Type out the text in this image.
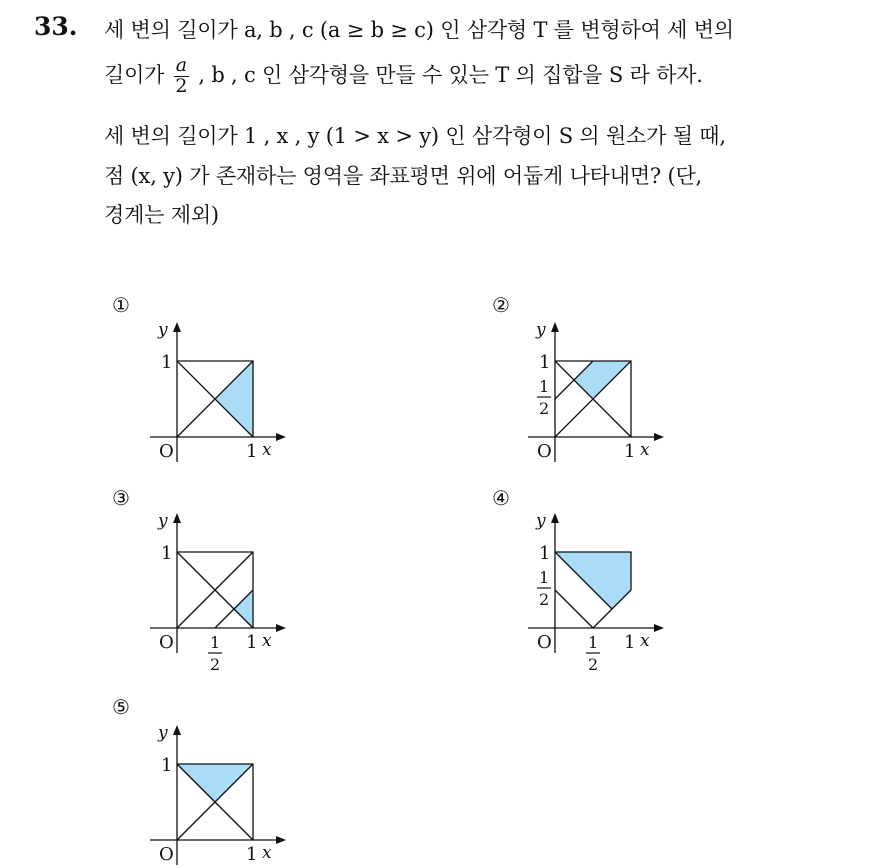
33. 세 변의 길이가 a, b , c (a ≥ b ≥ c) 인 삼각형 T 를 변형하여 세 변의
길이가 $\frac{a}{2}$ , b , c 인 삼각형을 만들 수 있는 T 의 집합을 S 라 하자.
세 변의 길이가 1 , x , y (1 > x > y) 인 삼각형이 S 의 원소가 될 때,
점 (x, y) 가 존재하는 영역을 좌표평면 위에 어둡게 나타내면? (단,
경계는 제외)
①	②
③	④
⑤
y
1
O	1 x
y
1
1
2
O	1 x
y
1
O 1
2
1 x
y
1
1
2
O 1
2
1 x
y
1
O	1 x
